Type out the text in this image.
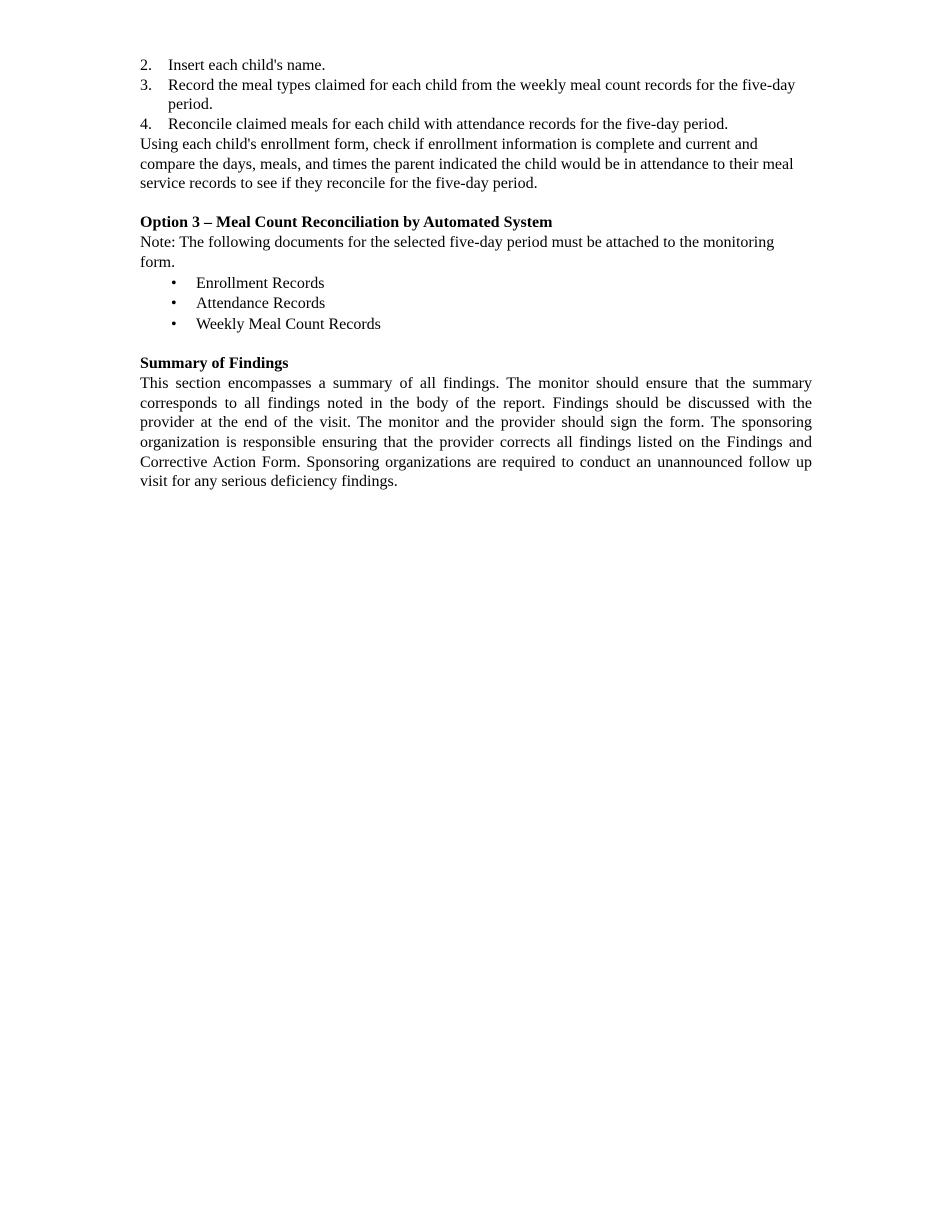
2. Insert each child's name.
3. Record the meal types claimed for each child from the weekly meal count records for the five-day period.
4. Reconcile claimed meals for each child with attendance records for the five-day period.

Using each child's enrollment form, check if enrollment information is complete and current and compare the days, meals, and times the parent indicated the child would be in attendance to their meal service records to see if they reconcile for the five-day period.

Option 3 – Meal Count Reconciliation by Automated System

Note: The following documents for the selected five-day period must be attached to the monitoring form.

• Enrollment Records
• Attendance Records
• Weekly Meal Count Records

Summary of Findings

This section encompasses a summary of all findings. The monitor should ensure that the summary corresponds to all findings noted in the body of the report. Findings should be discussed with the provider at the end of the visit. The monitor and the provider should sign the form. The sponsoring organization is responsible ensuring that the provider corrects all findings listed on the Findings and Corrective Action Form. Sponsoring organizations are required to conduct an unannounced follow up visit for any serious deficiency findings.
